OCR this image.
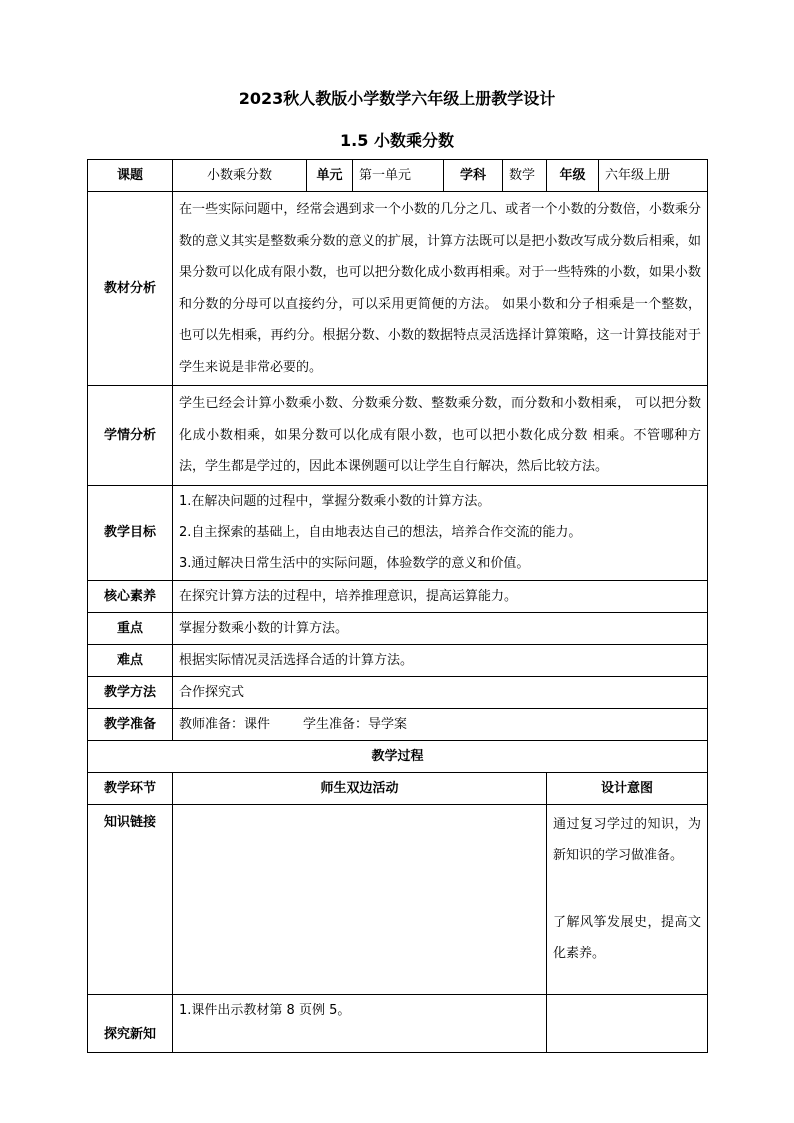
2023秋人教版小学数学六年级上册教学设计
1.5 小数乘分数
课题	小数乘分数	单元	第一单元	学科	数学	年级	六年级上册
教材分析	在一些实际问题中，经常会遇到求一个小数的几分之几、或者一个小数的分数倍，小数乘分数的意义其实是整数乘分数的意义的扩展，计算方法既可以是把小数改写成分数后相乘，如果分数可以化成有限小数，也可以把分数化成小数再相乘。对于一些特殊的小数，如果小数和分数的分母可以直接约分，可以采用更简便的方法。 如果小数和分子相乘是一个整数，也可以先相乘，再约分。根据分数、小数的数据特点灵活选择计算策略，这一计算技能对于学生来说是非常必要的。						

学情分析	学生已经会计算小数乘小数、分数乘分数、整数乘分数，而分数和小数相乘， 可以把分数化成小数相乘，如果分数可以化成有限小数，也可以把小数化成分数 相乘。不管哪种方法，学生都是学过的，因此本课例题可以让学生自行解决，然后比较方法。						

教学目标	1.在解决问题的过程中，掌握分数乘小数的计算方法。
2.自主探索的基础上，自由地表达自己的想法，培养合作交流的能力。
3.通过解决日常生活中的实际问题，体验数学的意义和价值。						

核心素养	在探究计算方法的过程中，培养推理意识，提高运算能力。						
重点	掌握分数乘小数的计算方法。						
难点	根据实际情况灵活选择合适的计算方法。						
教学方法	合作探究式						
教学准备	教师准备：课件        学生准备：导学案						
教学过程							
教学环节	师生双边活动					设计意图	
知识链接						通过复习学过的知识，为新知识的学习做准备。
了解风筝发展史，提高文化素养。	

探究新知	1.课件出示教材第 8 页例 5。						
